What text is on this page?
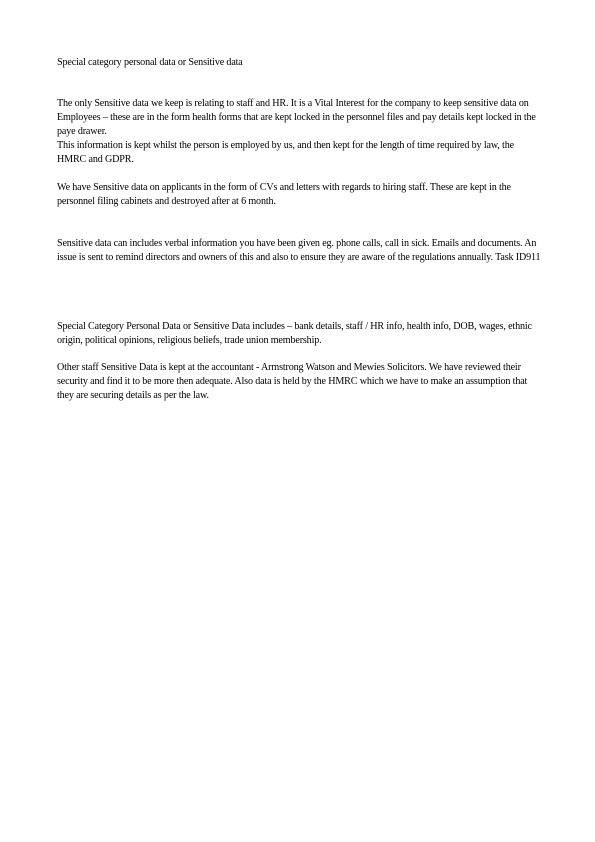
Special category personal data or Sensitive data

The only Sensitive data we keep is relating to staff and HR. It is a Vital Interest for the company to keep sensitive data on Employees – these are in the form health forms that are kept locked in the personnel files and pay details kept locked in the paye drawer.

This information is kept whilst the person is employed by us, and then kept for the length of time required by law, the HMRC and GDPR.

We have Sensitive data on applicants in the form of CVs and letters with regards to hiring staff. These are kept in the personnel filing cabinets and destroyed after at 6 month.

Sensitive data can includes verbal information you have been given eg. phone calls, call in sick. Emails and documents. An issue is sent to remind directors and owners of this and also to ensure they are aware of the regulations annually. Task ID911

Special Category Personal Data or Sensitive Data includes – bank details, staff / HR info, health info, DOB, wages, ethnic origin, political opinions, religious beliefs, trade union membership.

Other staff Sensitive Data is kept at the accountant - Armstrong Watson and Mewies Solicitors. We have reviewed their security and find it to be more then adequate. Also data is held by the HMRC which we have to make an assumption that they are securing details as per the law.
